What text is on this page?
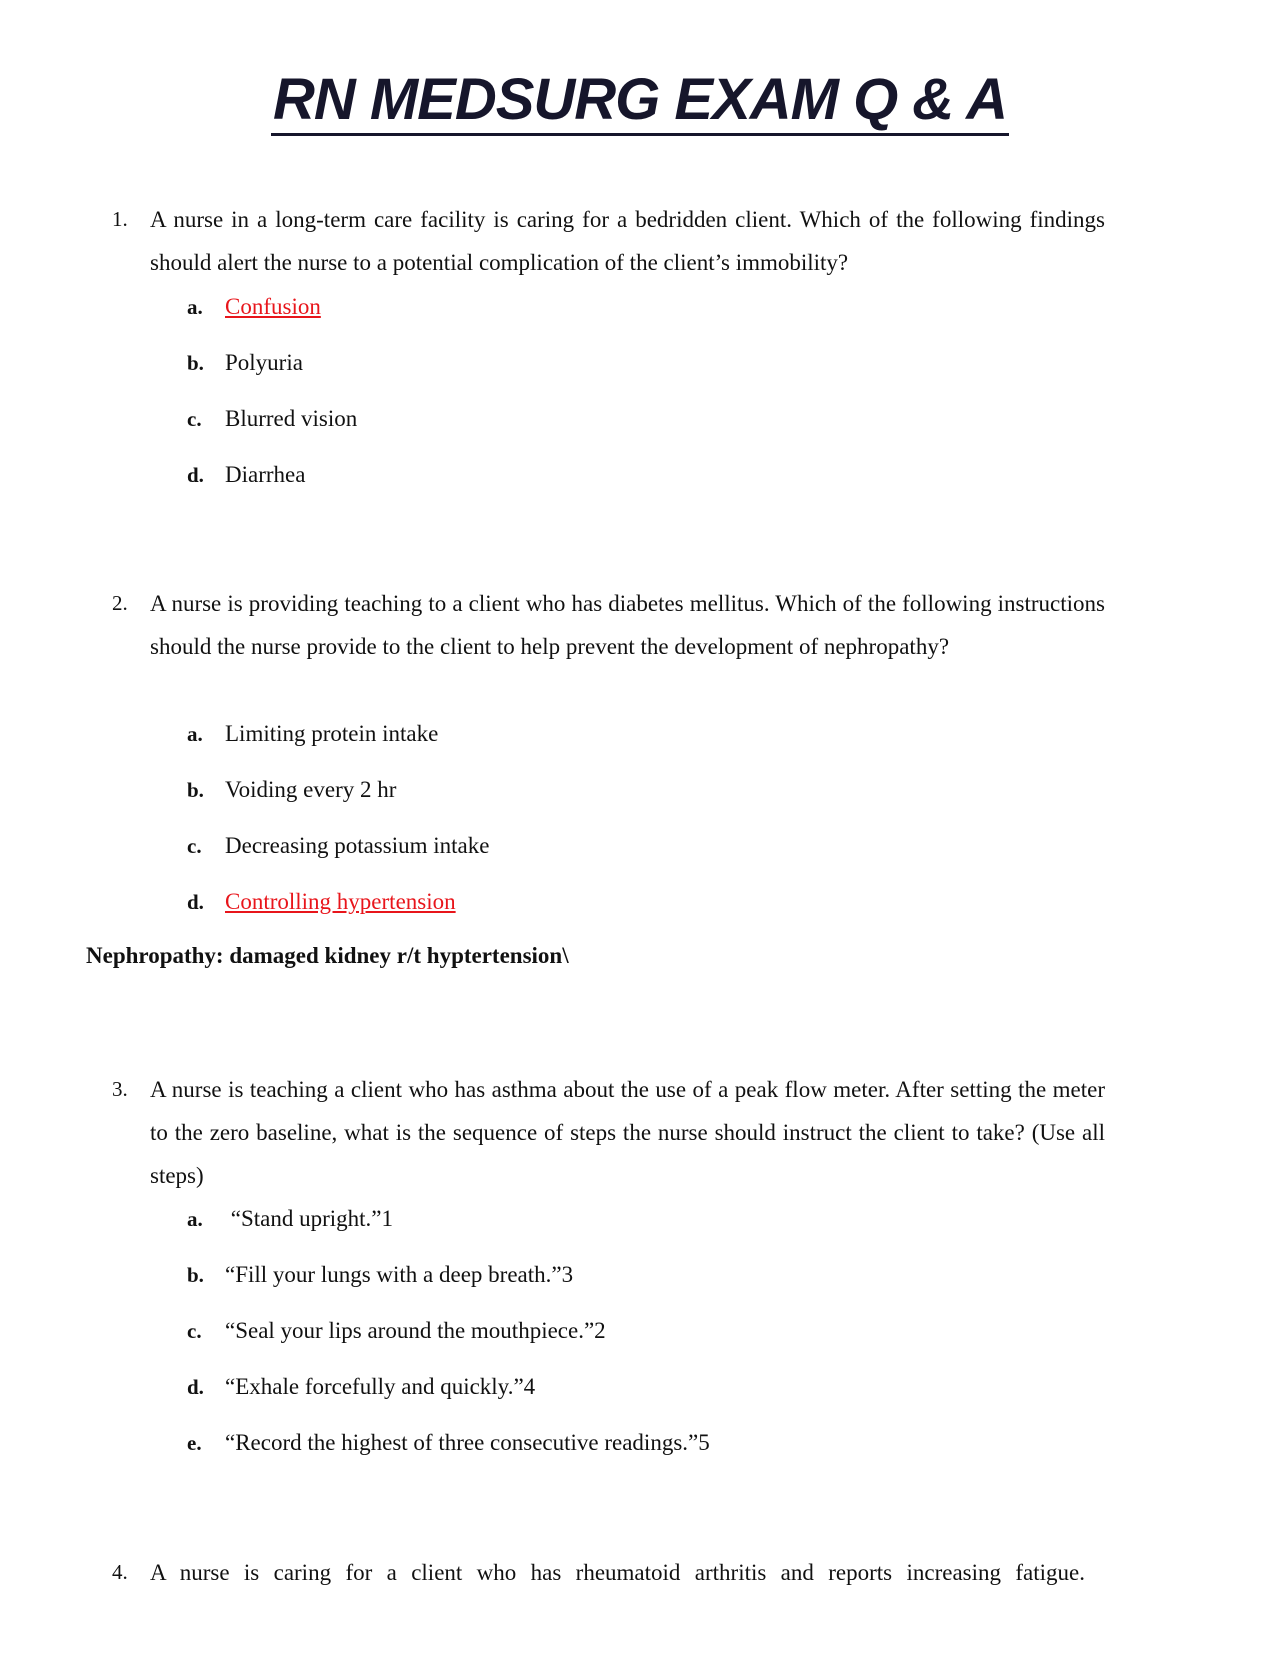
RN MEDSURG EXAM Q & A
1. A nurse in a long-term care facility is caring for a bedridden client. Which of the following findings should alert the nurse to a potential complication of the client’s immobility?

a. Confusion
b. Polyuria
c. Blurred vision
d. Diarrhea
2. A nurse is providing teaching to a client who has diabetes mellitus. Which of the following instructions should the nurse provide to the client to help prevent the development of nephropathy?

a. Limiting protein intake
b. Voiding every 2 hr
c. Decreasing potassium intake
d. Controlling hypertension
Nephropathy: damaged kidney r/t hyptertension\
3. A nurse is teaching a client who has asthma about the use of a peak flow meter. After setting the meter to the zero baseline, what is the sequence of steps the nurse should instruct the client to take? (Use all steps)

a. “Stand upright.”1
b. “Fill your lungs with a deep breath.”3
c. “Seal your lips around the mouthpiece.”2
d. “Exhale forcefully and quickly.”4
e. “Record the highest of three consecutive readings.”5
4. A nurse is caring for a client who has rheumatoid arthritis and reports increasing fatigue.
